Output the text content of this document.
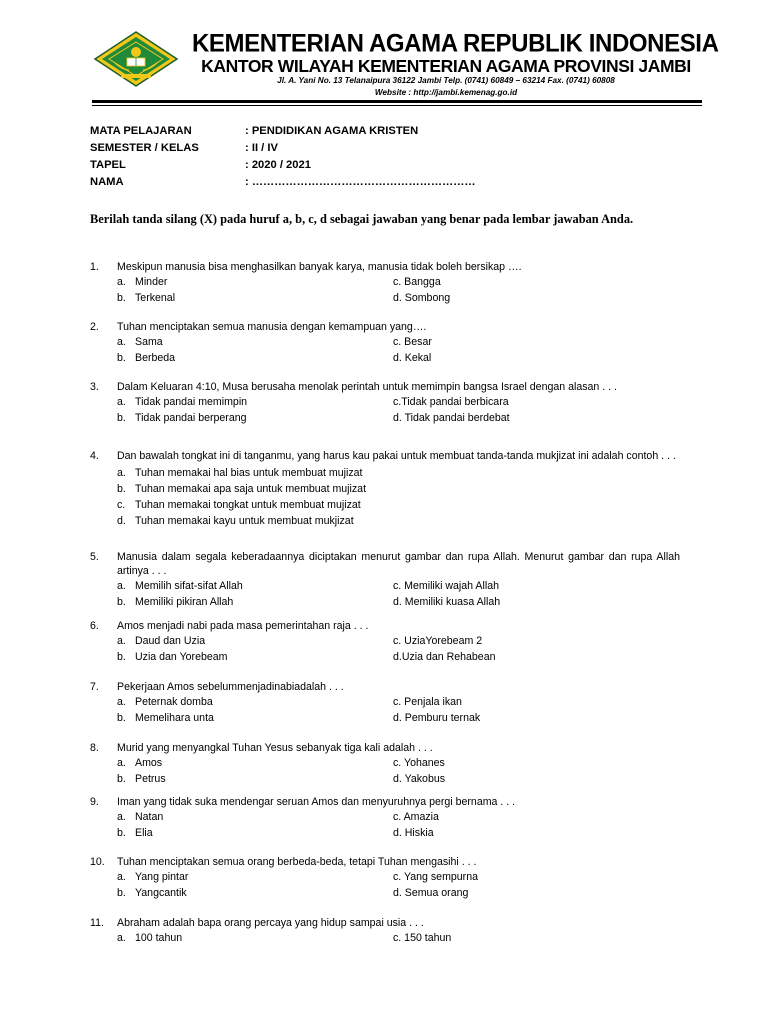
KEMENTERIAN AGAMA REPUBLIK INDONESIA
KANTOR WILAYAH KEMENTERIAN AGAMA PROVINSI JAMBI
Jl. A. Yani No. 13 Telanaipura 36122 Jambi Telp. (0741) 60849 – 63214 Fax. (0741) 60808
Website : http://jambi.kemenag.go.id
MATA PELAJARAN	: PENDIDIKAN AGAMA KRISTEN
SEMESTER / KELAS	: II / IV
TAPEL	: 2020 / 2021
NAMA	: ……………………………………………………
Berilah tanda silang (X) pada huruf a, b, c, d sebagai jawaban yang benar pada lembar jawaban Anda.
1.	Meskipun manusia bisa menghasilkan banyak karya, manusia tidak boleh bersikap ….
a. Minder	c. Bangga
b. Terkenal	d. Sombong
2.	Tuhan menciptakan semua manusia dengan kemampuan yang….
a. Sama	c. Besar
b. Berbeda	d. Kekal
3.	Dalam Keluaran 4:10, Musa berusaha menolak perintah untuk memimpin bangsa Israel dengan alasan . . .
a. Tidak pandai memimpin	c.Tidak pandai berbicara
b. Tidak pandai berperang	d. Tidak pandai berdebat
4.	Dan bawalah tongkat ini di tanganmu, yang harus kau pakai untuk membuat tanda-tanda mukjizat ini adalah contoh . . .
a. Tuhan memakai hal bias untuk membuat mujizat
b. Tuhan memakai apa saja untuk membuat mujizat
c. Tuhan memakai tongkat untuk membuat mujizat
d. Tuhan memakai kayu untuk membuat mukjizat
5.	Manusia dalam segala keberadaannya diciptakan menurut gambar dan rupa Allah. Menurut gambar dan rupa Allah artinya . . .
a. Memilih sifat-sifat Allah	c. Memiliki wajah Allah
b. Memiliki pikiran Allah	d. Memiliki kuasa Allah
6.	Amos menjadi nabi pada masa pemerintahan raja . . .
a. Daud dan Uzia	c. UziaYorebeam 2
b. Uzia dan Yorebeam	d.Uzia dan Rehabean
7.	Pekerjaan Amos sebelummenjadinabiadalah . . .
a. Peternak domba	c. Penjala ikan
b. Memelihara unta	d. Pemburu ternak
8.	Murid yang menyangkal Tuhan Yesus sebanyak tiga kali adalah . . .
a. Amos	c. Yohanes
b. Petrus	d. Yakobus
9.	Iman yang tidak suka mendengar seruan Amos dan menyuruhnya pergi bernama . . .
a. Natan	c. Amazia
b. Elia	d. Hiskia
10.	Tuhan menciptakan semua orang berbeda-beda, tetapi Tuhan mengasihi . . .
a. Yang pintar	c. Yang sempurna
b. Yangcantik	d. Semua orang
11.	Abraham adalah bapa orang percaya yang hidup sampai usia . . .
a. 100 tahun	c. 150 tahun
